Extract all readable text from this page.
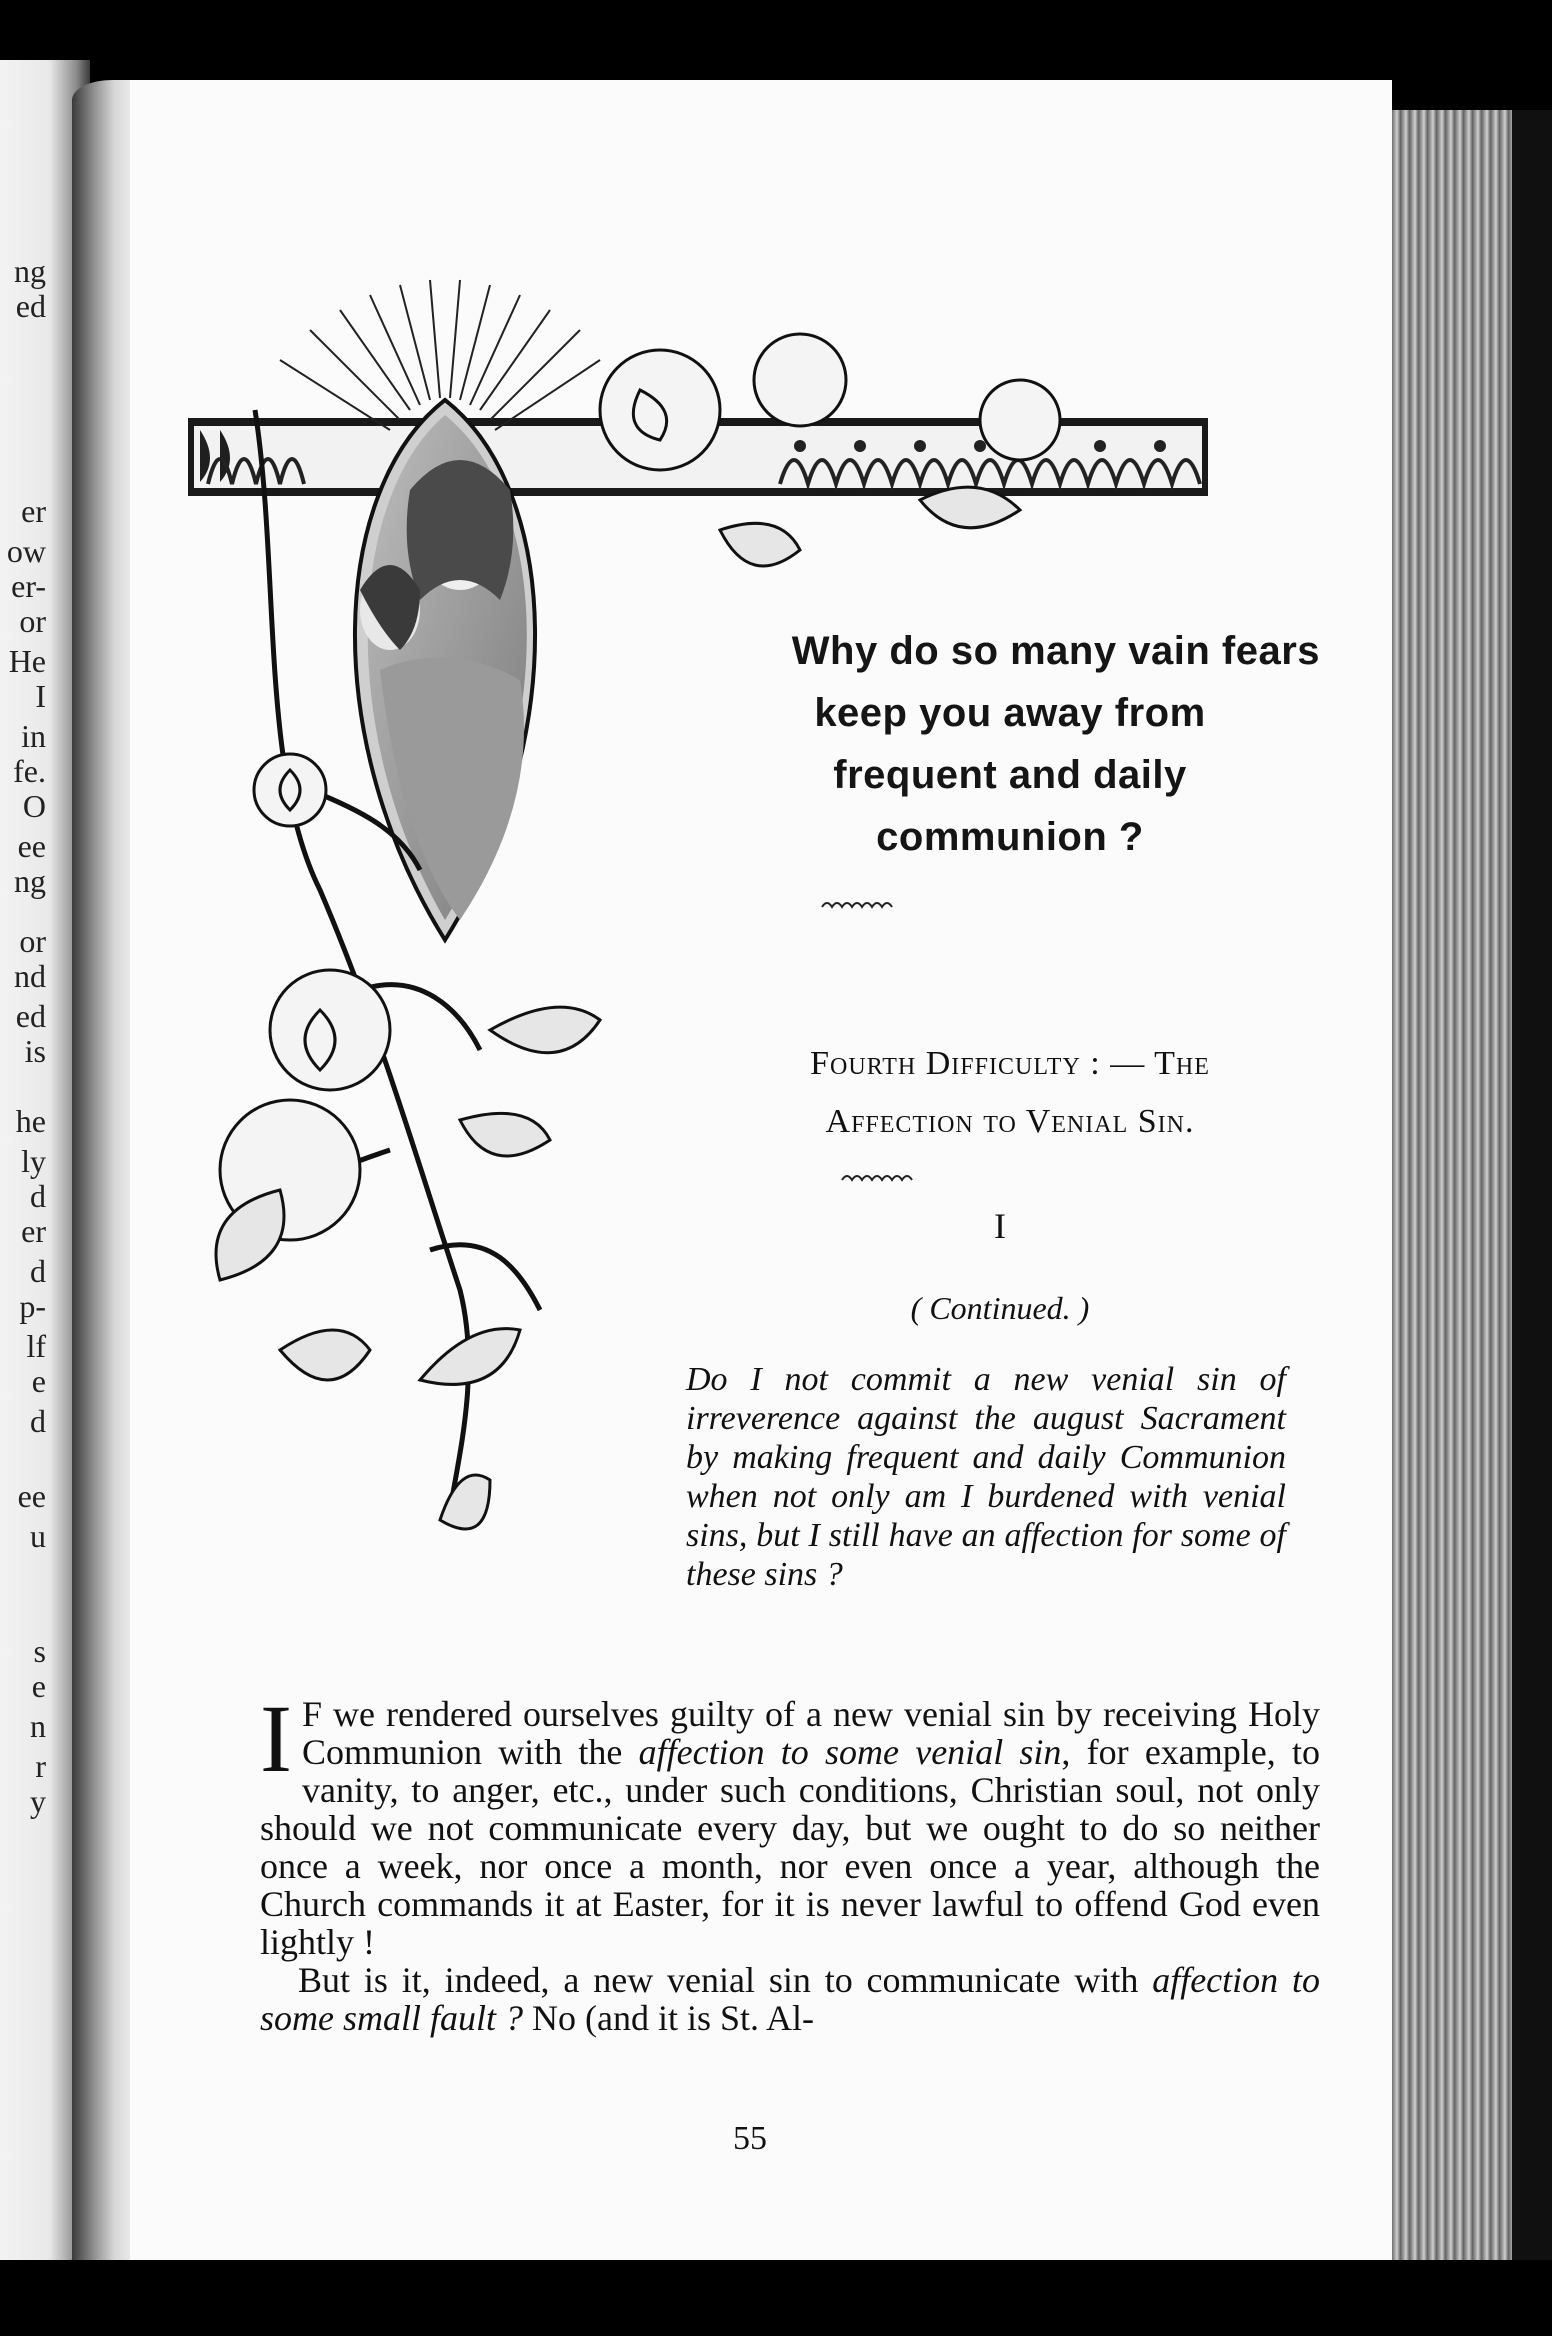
ng
ed
er
ow
er-
or
He
I
in
fe.
O
ee
ng
or
nd
ed
is
he
ly
d
er
d
p-
lf
e
d
ee
u
s
e
n
r
y
Why do so many vain fears
keep you away from
frequent and daily
communion ?
Fourth Difficulty : — The
Affection to Venial Sin.
I
( Continued. )
Do I not commit a new venial sin of irreverence against the august Sacrament by making frequent and daily Communion when not only am I burdened with venial sins, but I still have an affection for some of these sins ?

I F we rendered ourselves guilty of a new venial sin by receiving Holy Communion with the affection to some venial sin, for example, to vanity, to anger, etc., under such conditions, Christian soul, not only should we not communicate every day, but we ought to do so neither once a week, nor once a month, nor even once a year, although the Church commands it at Easter, for it is never lawful to offend God even lightly !

But is it, indeed, a new venial sin to communicate with affection to some small fault ? No (and it is St. Al-

55
